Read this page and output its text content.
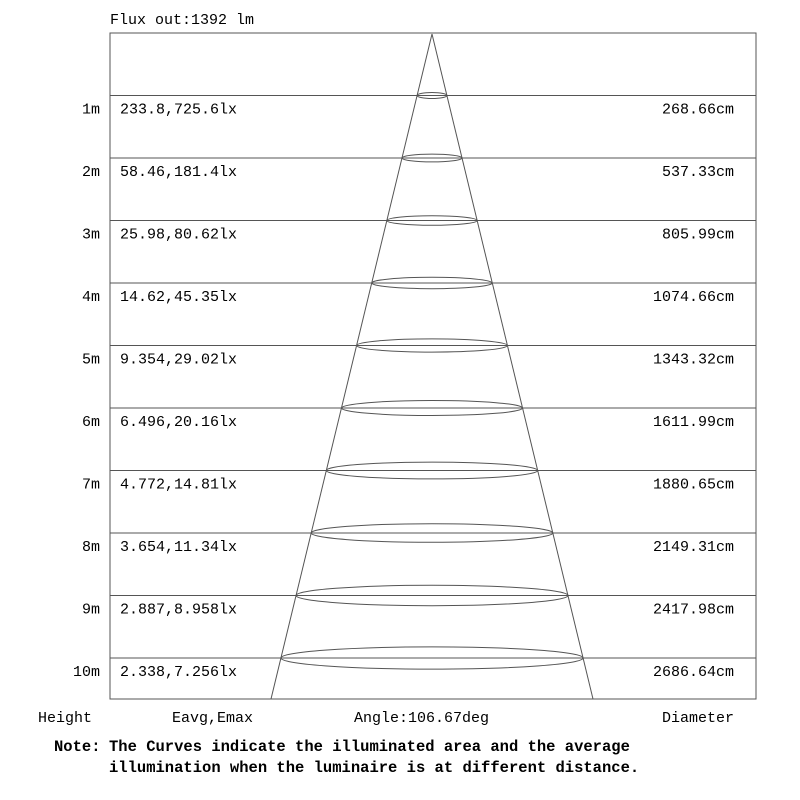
Flux out:1392 lm
1m 233.8,725.6lx	268.66cm
2m 58.46,181.4lx	537.33cm
3m 25.98,80.62lx	805.99cm
4m 14.62,45.35lx	1074.66cm
5m 9.354,29.02lx	1343.32cm
6m 6.496,20.16lx	1611.99cm
7m 4.772,14.81lx	1880.65cm
8m 3.654,11.34lx	2149.31cm
9m 2.887,8.958lx	2417.98cm
10m 2.338,7.256lx	2686.64cm
Height	Eavg,Emax	Angle:106.67deg	Diameter
Note: The Curves indicate the illuminated area and the average
illumination when the luminaire is at different distance.
